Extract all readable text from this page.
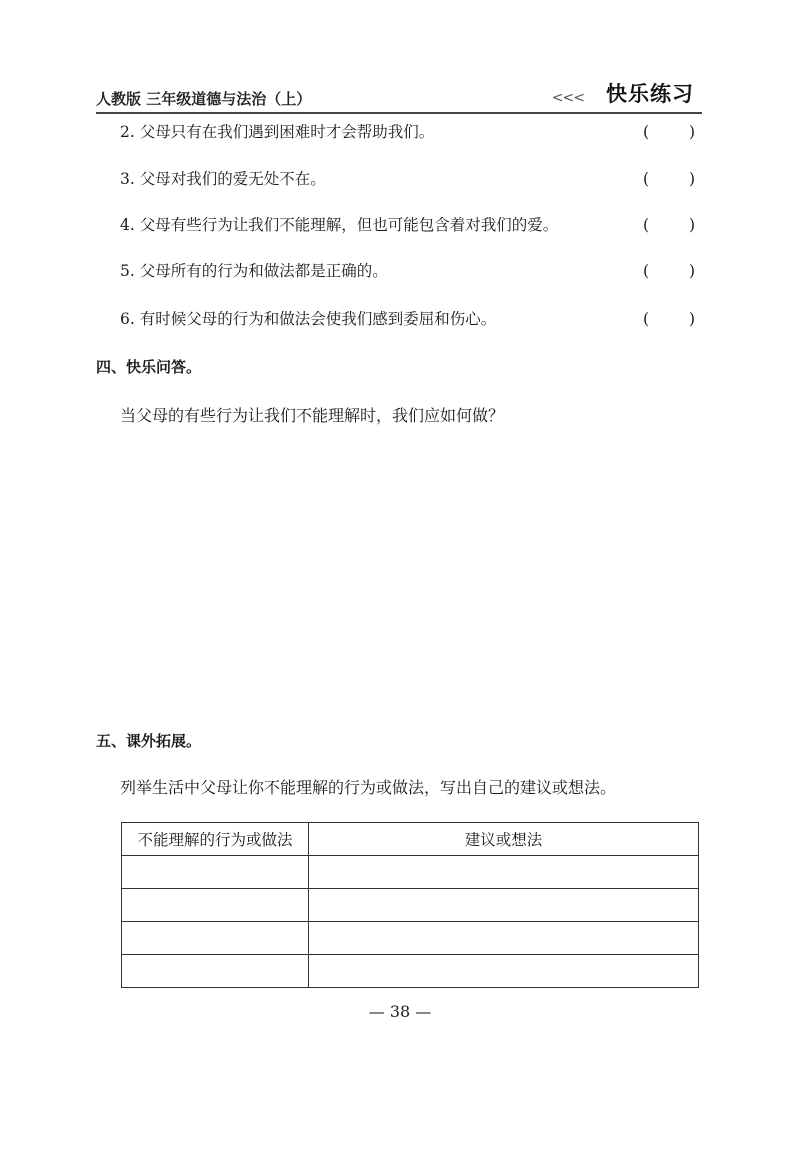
人教版 三年级道德与法治（上）	<<< 快乐练习
2. 父母只有在我们遇到困难时才会帮助我们。	(	)
3. 父母对我们的爱无处不在。	(	)
4. 父母有些行为让我们不能理解，但也可能包含着对我们的爱。	(	)
5. 父母所有的行为和做法都是正确的。	(	)
6. 有时候父母的行为和做法会使我们感到委屈和伤心。	(	)
四、快乐问答。
当父母的有些行为让我们不能理解时，我们应如何做？
五、课外拓展。
列举生活中父母让你不能理解的行为或做法，写出自己的建议或想法。
不能理解的行为或做法	建议或想法

— 38 —
